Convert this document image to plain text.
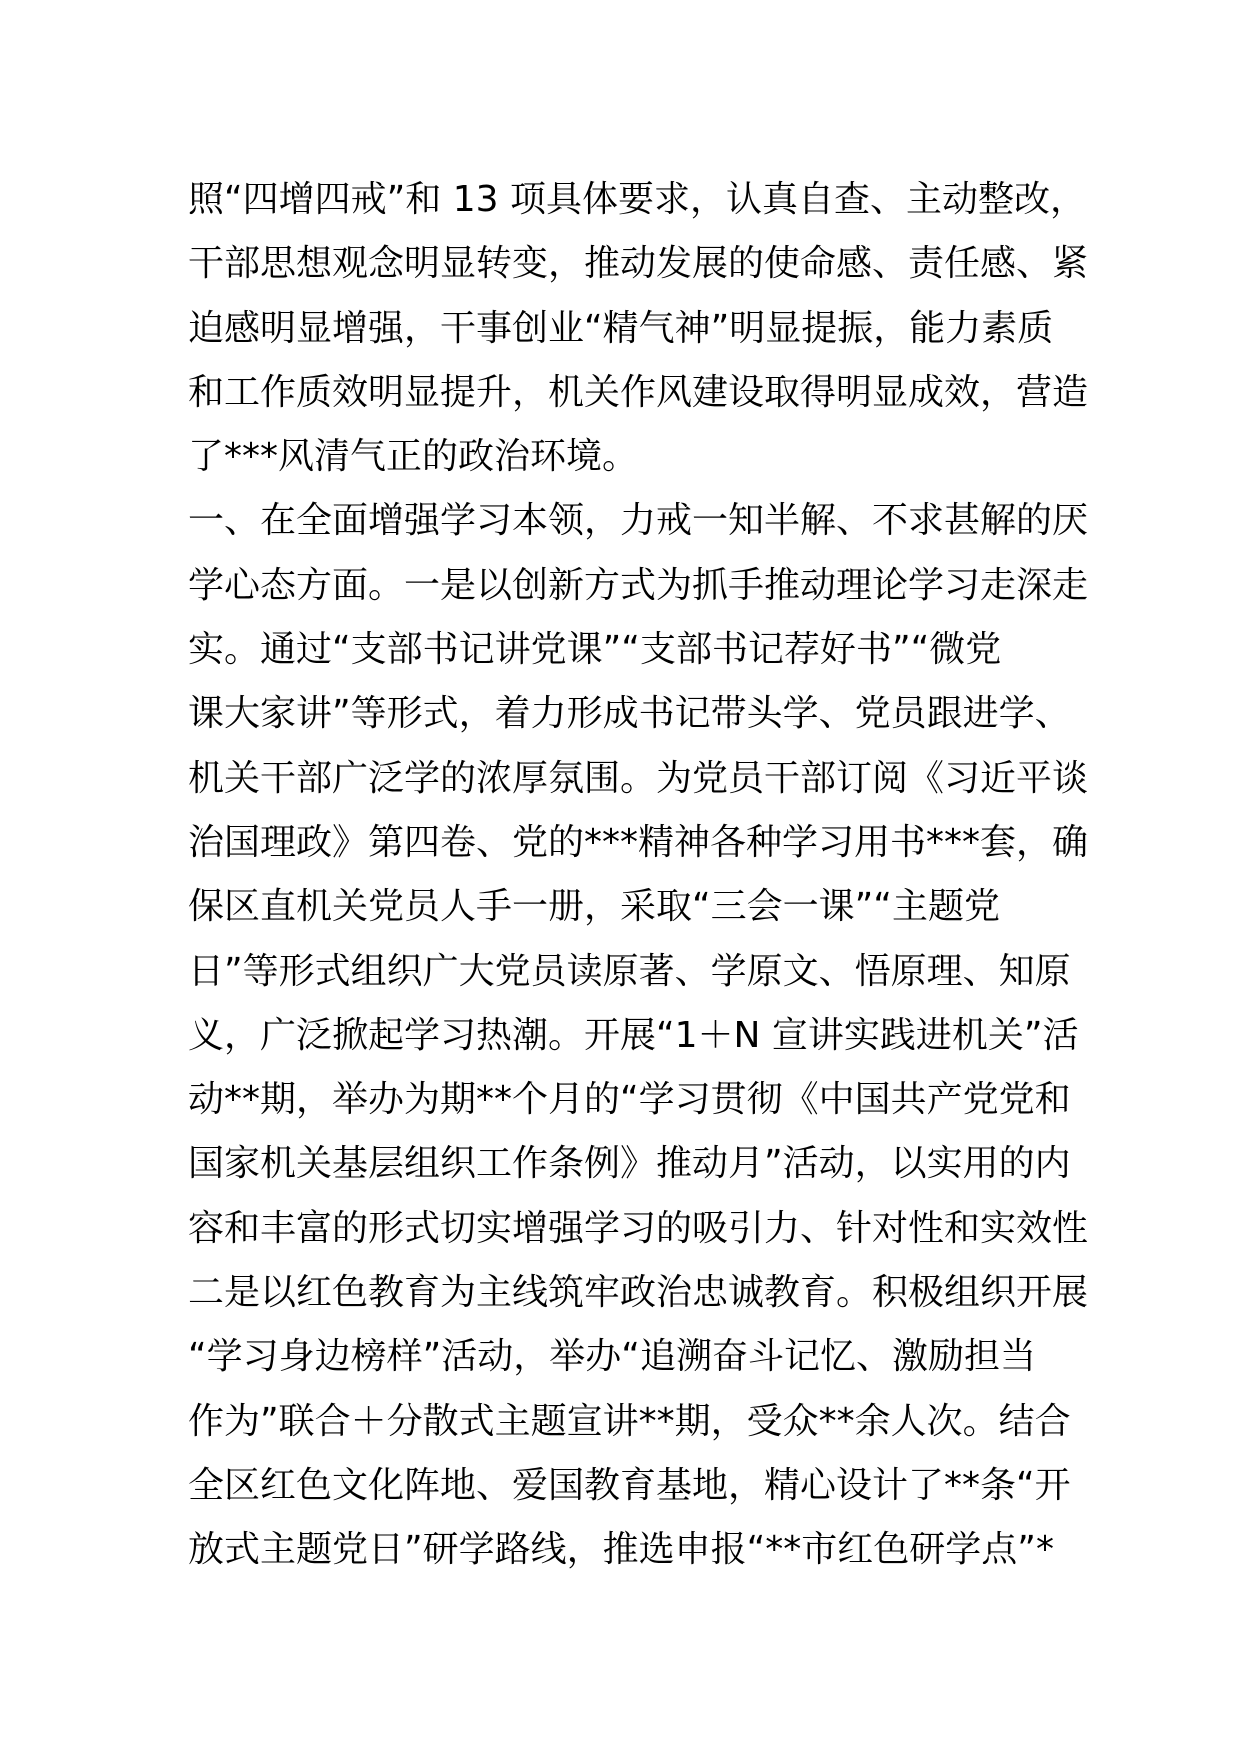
照“四增四戒”和 13 项具体要求，认真自查、主动整改，
干部思想观念明显转变，推动发展的使命感、责任感、紧
迫感明显增强，干事创业“精气神”明显提振，能力素质
和工作质效明显提升，机关作风建设取得明显成效，营造
了***风清气正的政治环境。
一、在全面增强学习本领，力戒一知半解、不求甚解的厌
学心态方面。一是以创新方式为抓手推动理论学习走深走
实。通过“支部书记讲党课”“支部书记荐好书”“微党
课大家讲”等形式，着力形成书记带头学、党员跟进学、
机关干部广泛学的浓厚氛围。为党员干部订阅《习近平谈
治国理政》第四卷、党的***精神各种学习用书***套，确
保区直机关党员人手一册，采取“三会一课”“主题党
日”等形式组织广大党员读原著、学原文、悟原理、知原
义，广泛掀起学习热潮。开展“1＋N 宣讲实践进机关”活
动**期，举办为期**个月的“学习贯彻《中国共产党党和
国家机关基层组织工作条例》推动月”活动，以实用的内
容和丰富的形式切实增强学习的吸引力、针对性和实效性
二是以红色教育为主线筑牢政治忠诚教育。积极组织开展
“学习身边榜样”活动，举办“追溯奋斗记忆、激励担当
作为”联合＋分散式主题宣讲**期，受众**余人次。结合
全区红色文化阵地、爱国教育基地，精心设计了**条“开
放式主题党日”研学路线，推选申报“**市红色研学点”*
